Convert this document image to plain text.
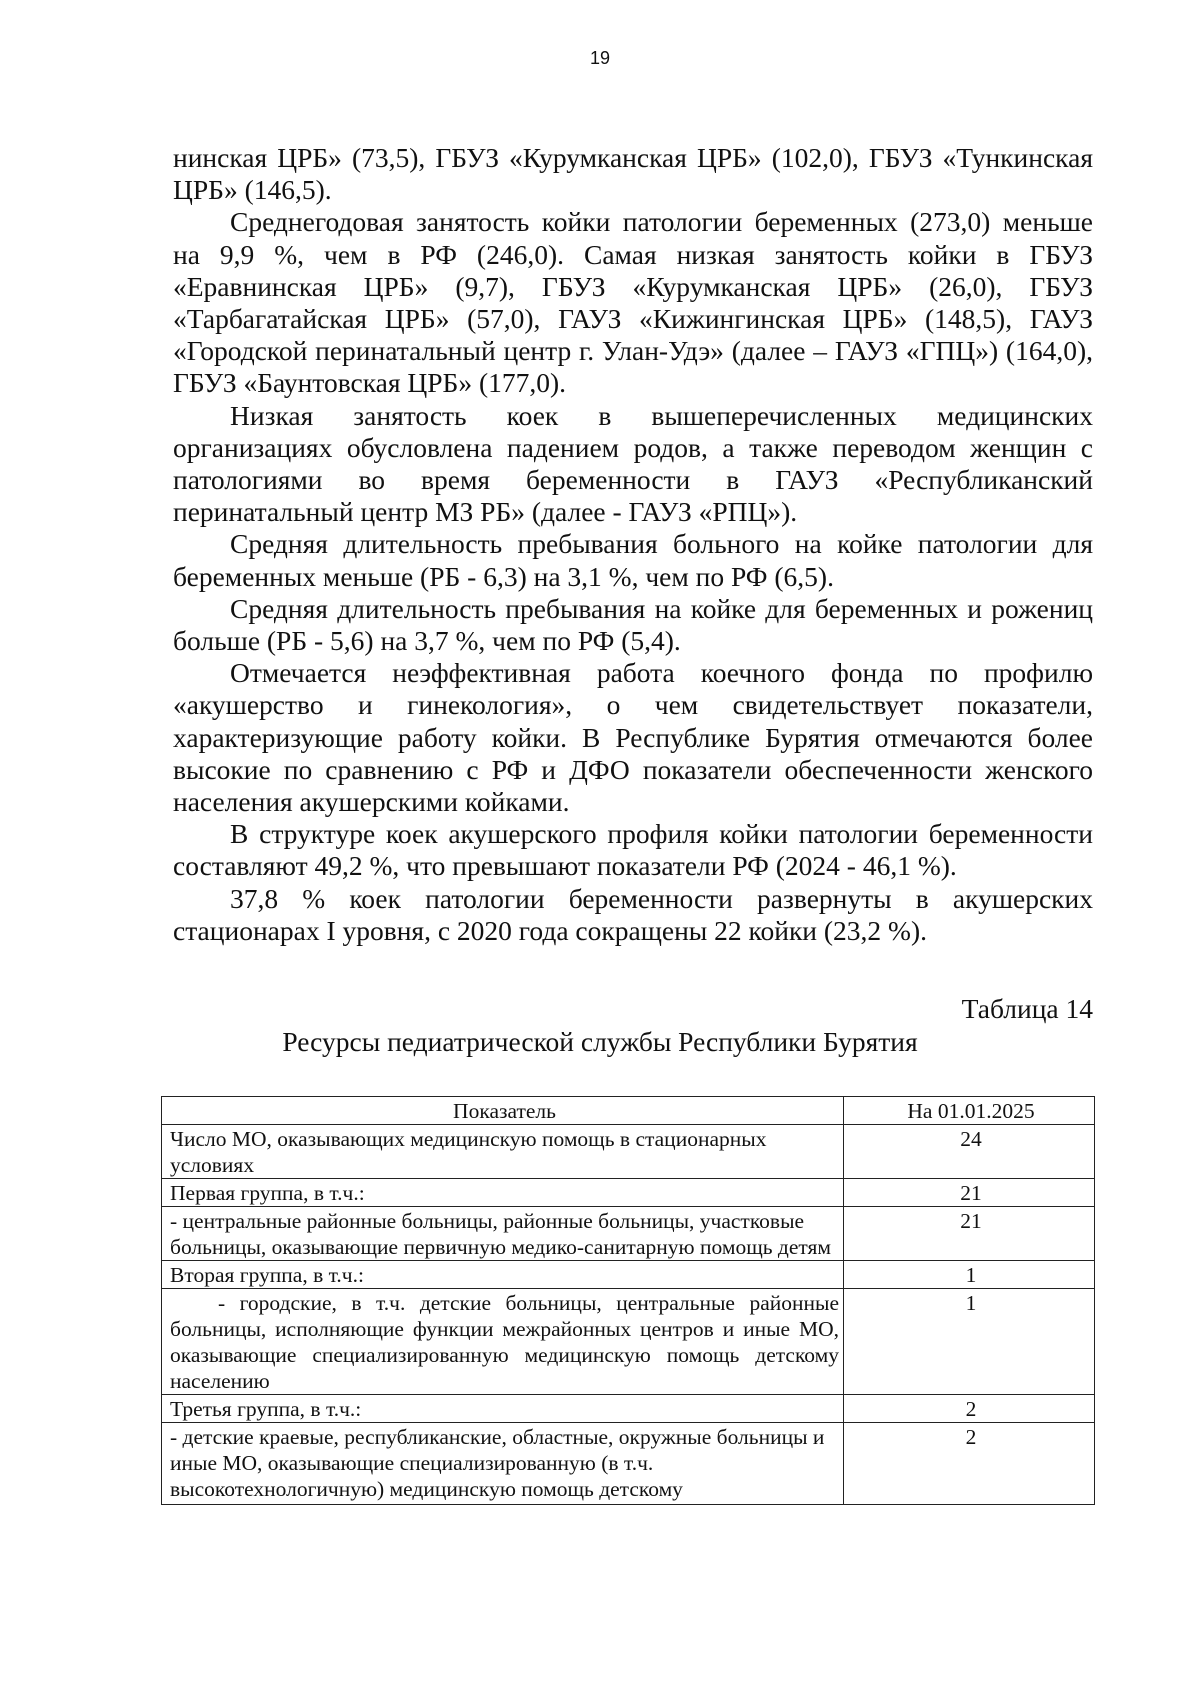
19

нинская ЦРБ» (73,5), ГБУЗ «Курумканская ЦРБ» (102,0), ГБУЗ «Тункинская ЦРБ» (146,5).

Среднегодовая занятость койки патологии беременных (273,0) меньше на 9,9 %, чем в РФ (246,0). Самая низкая занятость койки в ГБУЗ «Еравнинская ЦРБ» (9,7), ГБУЗ «Курумканская ЦРБ» (26,0), ГБУЗ «Тарбагатайская ЦРБ» (57,0), ГАУЗ «Кижингинская ЦРБ» (148,5), ГАУЗ «Городской перинатальный центр г. Улан-Удэ» (далее – ГАУЗ «ГПЦ») (164,0), ГБУЗ «Баунтовская ЦРБ» (177,0).

Низкая занятость коек в вышеперечисленных медицинских организациях обусловлена падением родов, а также переводом женщин с патологиями во время беременности в ГАУЗ «Республиканский перинатальный центр МЗ РБ» (далее - ГАУЗ «РПЦ»).

Средняя длительность пребывания больного на койке патологии для беременных меньше (РБ - 6,3) на 3,1 %, чем по РФ (6,5).

Средняя длительность пребывания на койке для беременных и рожениц больше (РБ - 5,6) на 3,7 %, чем по РФ (5,4).

Отмечается неэффективная работа коечного фонда по профилю «акушерство и гинекология», о чем свидетельствует показатели, характеризующие работу койки. В Республике Бурятия отмечаются более высокие по сравнению с РФ и ДФО показатели обеспеченности женского населения акушерскими койками.

В структуре коек акушерского профиля койки патологии беременности составляют 49,2 %, что превышают показатели РФ (2024 - 46,1 %).

37,8 % коек патологии беременности развернуты в акушерских стационарах I уровня, с 2020 года сокращены 22 койки (23,2 %).

Таблица 14
Ресурсы педиатрической службы Республики Бурятия
Показатель	На 01.01.2025
Число МО, оказывающих медицинскую помощь в стационарных условиях	24
Первая группа, в т.ч.:	21
- центральные районные больницы, районные больницы, участковые больницы, оказывающие первичную медико-санитарную помощь детям	21
Вторая группа, в т.ч.:	1
- городские, в т.ч. детские больницы, центральные районные больницы, исполняющие функции межрайонных центров и иные МО, оказывающие специализированную медицинскую помощь детскому населению	1
Третья группа, в т.ч.:	2
- детские краевые, республиканские, областные, окружные больницы и иные МО, оказывающие специализированную (в т.ч. высокотехнологичную) медицинскую помощь детскому	2
